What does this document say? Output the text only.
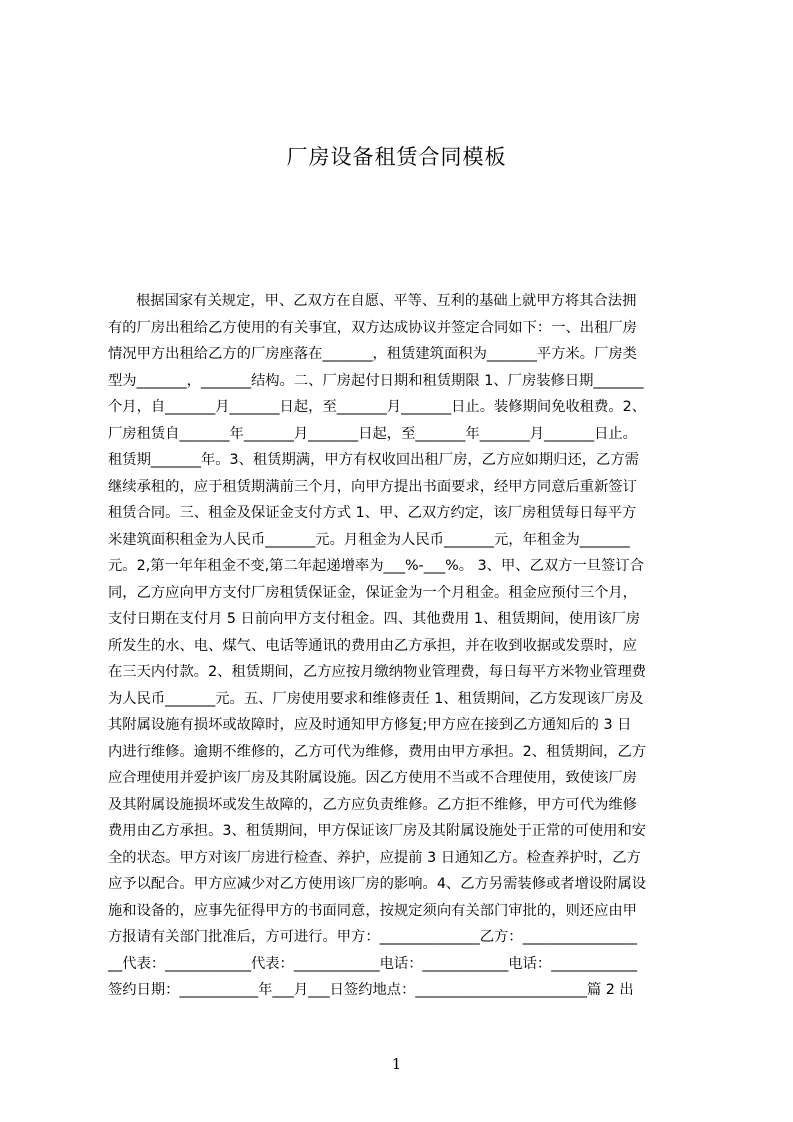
厂房设备租赁合同模板
根据国家有关规定，甲、乙双方在自愿、平等、互利的基础上就甲方将其合法拥
有的厂房出租给乙方使用的有关事宜，双方达成协议并签定合同如下：一、出租厂房
情况甲方出租给乙方的厂房座落在_______，租赁建筑面积为_______平方米。厂房类
型为_______，_______结构。二、厂房起付日期和租赁期限 1、厂房装修日期_______
个月，自_______月_______日起，至_______月_______日止。装修期间免收租费。2、
厂房租赁自_______年_______月_______日起，至_______年_______月_______日止。
租赁期_______年。3、租赁期满，甲方有权收回出租厂房，乙方应如期归还，乙方需
继续承租的，应于租赁期满前三个月，向甲方提出书面要求，经甲方同意后重新签订
租赁合同。三、租金及保证金支付方式 1、甲、乙双方约定，该厂房租赁每日每平方
米建筑面积租金为人民币_______元。月租金为人民币_______元，年租金为_______
元。2,第一年年租金不变,第二年起递增率为___%-___%。 3、甲、乙双方一旦签订合
同，乙方应向甲方支付厂房租赁保证金，保证金为一个月租金。租金应预付三个月，
支付日期在支付月 5 日前向甲方支付租金。四、其他费用 1、租赁期间，使用该厂房
所发生的水、电、煤气、电话等通讯的费用由乙方承担，并在收到收据或发票时，应
在三天内付款。2、租赁期间，乙方应按月缴纳物业管理费，每日每平方米物业管理费
为人民币_______元。五、厂房使用要求和维修责任 1、租赁期间，乙方发现该厂房及
其附属设施有损坏或故障时，应及时通知甲方修复;甲方应在接到乙方通知后的 3 日
内进行维修。逾期不维修的，乙方可代为维修，费用由甲方承担。2、租赁期间，乙方
应合理使用并爱护该厂房及其附属设施。因乙方使用不当或不合理使用，致使该厂房
及其附属设施损坏或发生故障的，乙方应负责维修。乙方拒不维修，甲方可代为维修
费用由乙方承担。3、租赁期间，甲方保证该厂房及其附属设施处于正常的可使用和安
全的状态。甲方对该厂房进行检查、养护，应提前 3 日通知乙方。检查养护时，乙方
应予以配合。甲方应减少对乙方使用该厂房的影响。4、乙方另需装修或者增设附属设
施和设备的，应事先征得甲方的书面同意，按规定须向有关部门审批的，则还应由甲
方报请有关部门批准后，方可进行。甲方：______________乙方：________________
__代表：____________代表：____________电话：____________电话：____________
签约日期：___________年___月___日签约地点：________________________篇 2 出
1
